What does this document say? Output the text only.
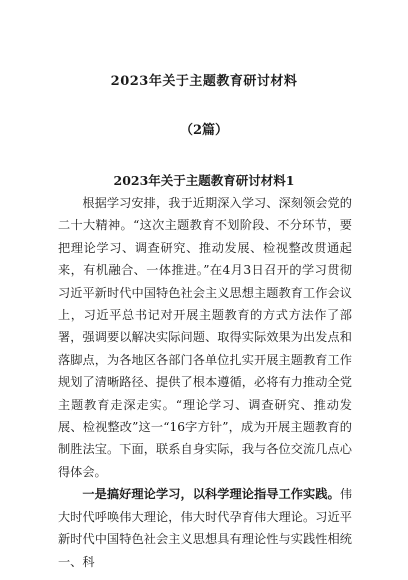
2023年关于主题教育研讨材料
（2篇）
2023年关于主题教育研讨材料1

根据学习安排，我于近期深入学习、深刻领会党的二十大精神。“这次主题教育不划阶段、不分环节，要把理论学习、调查研究、推动发展、检视整改贯通起来，有机融合、一体推进。”在4月3日召开的学习贯彻习近平新时代中国特色社会主义思想主题教育工作会议上，习近平总书记对开展主题教育的方式方法作了部署，强调要以解决实际问题、取得实际效果为出发点和落脚点，为各地区各部门各单位扎实开展主题教育工作规划了清晰路径、提供了根本遵循，必将有力推动全党主题教育走深走实。“理论学习、调查研究、推动发展、检视整改”这一“16字方针”，成为开展主题教育的制胜法宝。下面，联系自身实际，我与各位交流几点心得体会。

一是搞好理论学习，以科学理论指导工作实践。伟大时代呼唤伟大理论，伟大时代孕育伟大理论。习近平新时代中国特色社会主义思想具有理论性与实践性相统一、科
